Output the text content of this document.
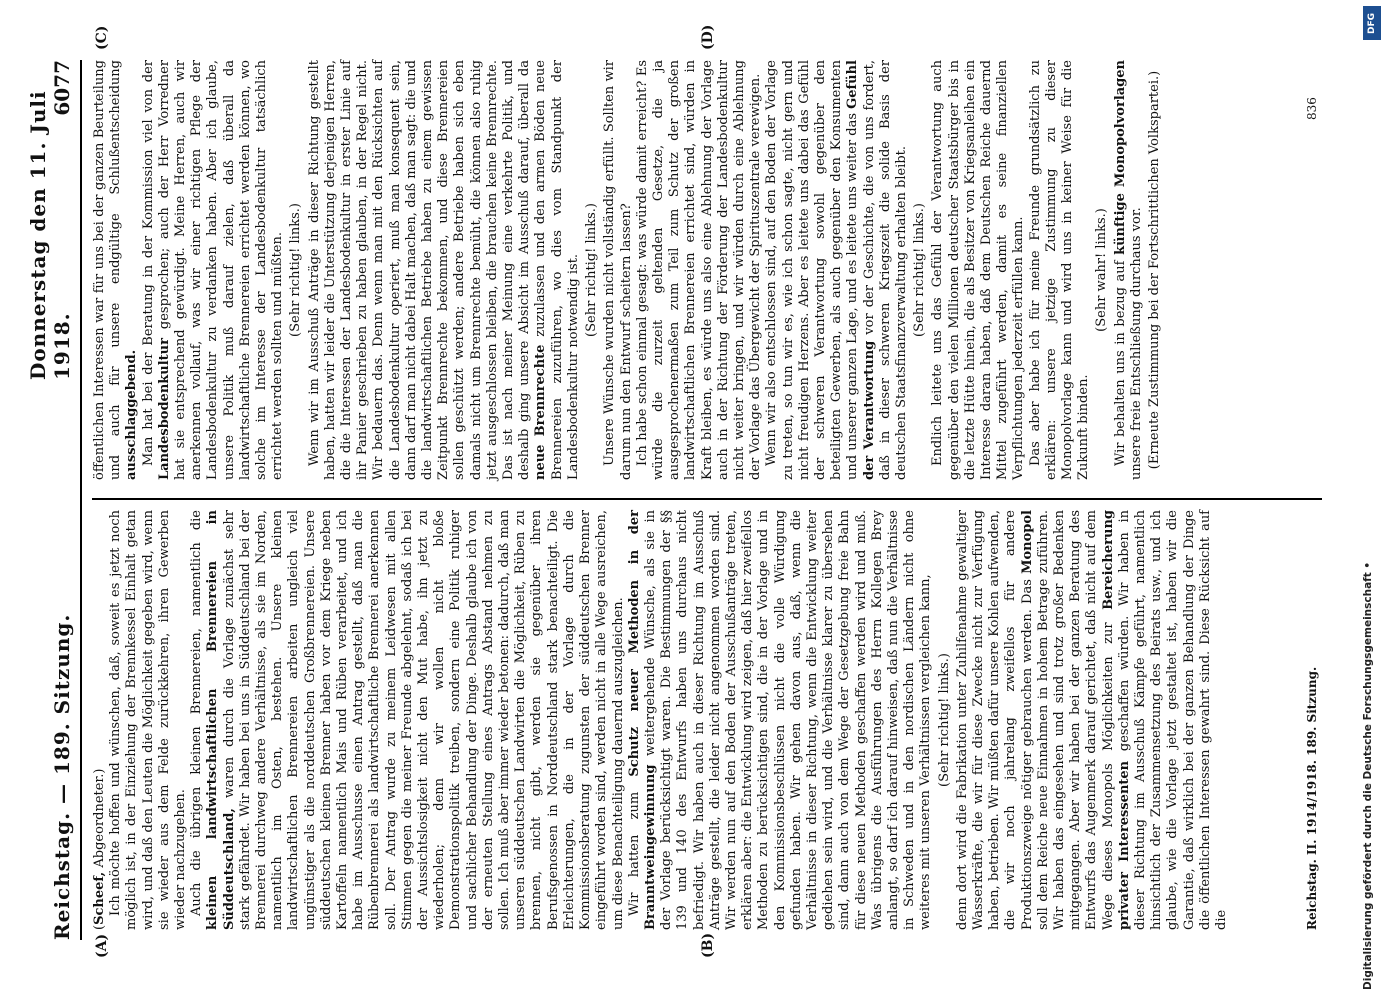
Reichstag. — 189. Sitzung.
Donnerstag den 11. Juli 1918.
6077
(A)	(B)
(C)	(D)

(Scheef, Abgeordneter.) Ich möchte hoffen und wünschen, daß, soweit es jetzt noch möglich ist, in der Einziehung der Brennkessel Einhalt getan wird, und daß den Leuten die Möglichkeit gegeben wird, wenn sie wieder aus dem Felde zurückkehren, ihren Gewerben wieder nachzugehen. Auch die übrigen kleinen Brennereien, namentlich die kleinen landwirtschaftlichen Brennereien in Süddeutschland, waren durch die Vorlage zunächst sehr stark gefährdet. Wir haben bei uns in Süddeutschland bei der Brennerei durchweg andere Verhältnisse, als sie im Norden, namentlich im Osten, bestehen. Unsere kleinen landwirtschaftlichen Brennereien arbeiten ungleich viel ungünstiger als die norddeutschen Großbrennereien. Unsere süddeutschen kleinen Brenner haben vor dem Kriege neben Kartoffeln namentlich Mais und Rüben verarbeitet, und ich habe im Ausschusse einen Antrag gestellt, daß man die Rübenbrennerei als landwirtschaftliche Brennerei anerkennen soll. Der Antrag wurde zu meinem Leidwesen mit allen Stimmen gegen die meiner Freunde abgelehnt, sodaß ich bei der Aussichtslosigkeit nicht den Mut habe, ihn jetzt zu wiederholen; denn wir wollen nicht bloße Demonstrationspolitik treiben, sondern eine Politik ruhiger und sachlicher Behandlung der Dinge. Deshalb glaube ich von der erneuten Stellung eines Antrags Abstand nehmen zu sollen. Ich muß aber immer wieder betonen: dadurch, daß man unseren süddeutschen Landwirten die Möglichkeit, Rüben zu brennen, nicht gibt, werden sie gegenüber ihren Berufsgenossen in Norddeutschland stark benachteiligt. Die Erleichterungen, die in der Vorlage durch die Kommissionsberatung zugunsten der süddeutschen Brenner eingeführt worden sind, werden nicht in alle Wege ausreichen, um diese Benachteiligung dauernd auszugleichen. Wir hatten zum Schutz neuer Methoden in der Branntweingewinnung weitergehende Wünsche, als sie in der Vorlage berücksichtigt waren. Die Bestimmungen der §§ 139 und 140 des Entwurfs haben uns durchaus nicht befriedigt. Wir haben auch in dieser Richtung im Ausschuß Anträge gestellt, die leider nicht angenommen worden sind. Wir werden nun auf den Boden der Ausschußanträge treten, erklären aber: die Entwicklung wird zeigen, daß hier zweifellos Methoden zu berücksichtigen sind, die in der Vorlage und in den Kommissionsbeschlüssen nicht die volle Würdigung gefunden haben. Wir gehen davon aus, daß, wenn die Verhältnisse in dieser Richtung, wenn die Entwicklung weiter gediehen sein wird, und die Verhältnisse klarer zu übersehen sind, dann auch von dem Wege der Gesetzgebung freie Bahn für diese neuen Methoden geschaffen werden wird und muß. Was übrigens die Ausführungen des Herrn Kollegen Brey anlangt, so darf ich darauf hinweisen, daß nun die Verhältnisse in Schweden und in den nordischen Ländern nicht ohne weiteres mit unseren Verhältnissen vergleichen kann, (Sehr richtig! links.) denn dort wird die Fabrikation unter Zuhilfenahme gewaltiger Wasserkräfte, die wir für diese Zwecke nicht zur Verfügung haben, betrieben. Wir müßten dafür unsere Kohlen aufwenden, die wir noch jahrelang zweifellos für andere Produktionszweige nötiger gebrauchen werden. Das Monopol soll dem Reiche neue Einnahmen in hohem Betrage zuführen. Wir haben das eingesehen und sind trotz großer Bedenken mitgegangen. Aber wir haben bei der ganzen Beratung des Entwurfs das Augenmerk darauf gerichtet, daß nicht auf dem Wege dieses Monopols Möglichkeiten zur Bereicherung privater Interessenten geschaffen würden. Wir haben in dieser Richtung im Ausschuß Kämpfe geführt, namentlich hinsichtlich der Zusammensetzung des Beirats usw., und ich glaube, wie die Vorlage jetzt gestaltet ist, haben wir die Garantie, daß wirklich bei der ganzen Behandlung der Dinge die öffentlichen Interessen gewahrt sind. Diese Rücksicht auf die

öffentlichen Interessen war für uns bei der ganzen Beurteilung und auch für unsere endgültige Schlußentscheidung ausschlaggebend. Man hat bei der Beratung in der Kommission viel von der Landesbodenkultur gesprochen; auch der Herr Vorredner hat sie entsprechend gewürdigt. Meine Herren, auch wir anerkennen vollauf, was wir einer richtigen Pflege der Landesbodenkultur zu verdanken haben. Aber ich glaube, unsere Politik muß darauf zielen, daß überall da landwirtschaftliche Brennereien errichtet werden können, wo solche im Interesse der Landesbodenkultur tatsächlich errichtet werden sollten und müßten. (Sehr richtig! links.) Wenn wir im Ausschuß Anträge in dieser Richtung gestellt haben, hatten wir leider die Unterstützung derjenigen Herren, die die Interessen der Landesbodenkultur in erster Linie auf ihr Panier geschrieben zu haben glauben, in der Regel nicht. Wir bedauern das. Denn wenn man mit den Rücksichten auf die Landesbodenkultur operiert, muß man konsequent sein, dann darf man nicht dabei Halt machen, daß man sagt: die und die landwirtschaftlichen Betriebe haben zu einem gewissen Zeitpunkt Brennrechte bekommen, und diese Brennereien sollen geschützt werden; andere Betriebe haben sich eben damals nicht um Brennrechte bemüht, die können also ruhig jetzt ausgeschlossen bleiben, die brauchen keine Brennrechte. Das ist nach meiner Meinung eine verkehrte Politik, und deshalb ging unsere Absicht im Ausschuß darauf, überall da neue Brennrechte zuzulassen und den armen Böden neue Brennereien zuzuführen, wo dies vom Standpunkt der Landesbodenkultur notwendig ist. (Sehr richtig! links.) Unsere Wünsche wurden nicht vollständig erfüllt. Sollten wir darum nun den Entwurf scheitern lassen? Ich habe schon einmal gesagt: was würde damit erreicht? Es würde die zurzeit geltenden Gesetze, die ja ausgesprochenermaßen zum Teil zum Schutz der großen landwirtschaftlichen Brennereien errichtet sind, würden in Kraft bleiben, es würde uns also eine Ablehnung der Vorlage auch in der Richtung der Förderung der Landesbodenkultur nicht weiter bringen, und wir würden durch eine Ablehnung der Vorlage das Übergewicht der Spirituszentrale verewigen. Wenn wir also entschlossen sind, auf den Boden der Vorlage zu treten, so tun wir es, wie ich schon sagte, nicht gern und nicht freudigen Herzens. Aber es leitete uns dabei das Gefühl der schweren Verantwortung sowohl gegenüber den beteiligten Gewerben, als auch gegenüber den Konsumenten und unserer ganzen Lage, und es leitete uns weiter das Gefühl der Verantwortung vor der Geschichte, die von uns fordert, daß in dieser schweren Kriegszeit die solide Basis der deutschen Staatsfinanzverwaltung erhalten bleibt. (Sehr richtig! links.) Endlich leitete uns das Gefühl der Verantwortung auch gegenüber den vielen Millionen deutscher Staatsbürger bis in die letzte Hütte hinein, die als Besitzer von Kriegsanleihen ein Interesse daran haben, daß dem Deutschen Reiche dauernd Mittel zugeführt werden, damit es seine finanziellen Verpflichtungen jederzeit erfüllen kann. Das aber habe ich für meine Freunde grundsätzlich zu erklären: unsere jetzige Zustimmung zu dieser Monopolvorlage kann und wird uns in keiner Weise für die Zukunft binden.

(Sehr wahr! links.) Wir behalten uns in bezug auf künftige Monopolvorlagen unsere freie Entschließung durchaus vor. (Erneute Zustimmung bei der Fortschrittlichen Volkspartei.)

Reichstag. II. 1914/1918. 189. Sitzung.
836
Digitalisierung gefördert durch die Deutsche Forschungsgemeinschaft •
DFG
